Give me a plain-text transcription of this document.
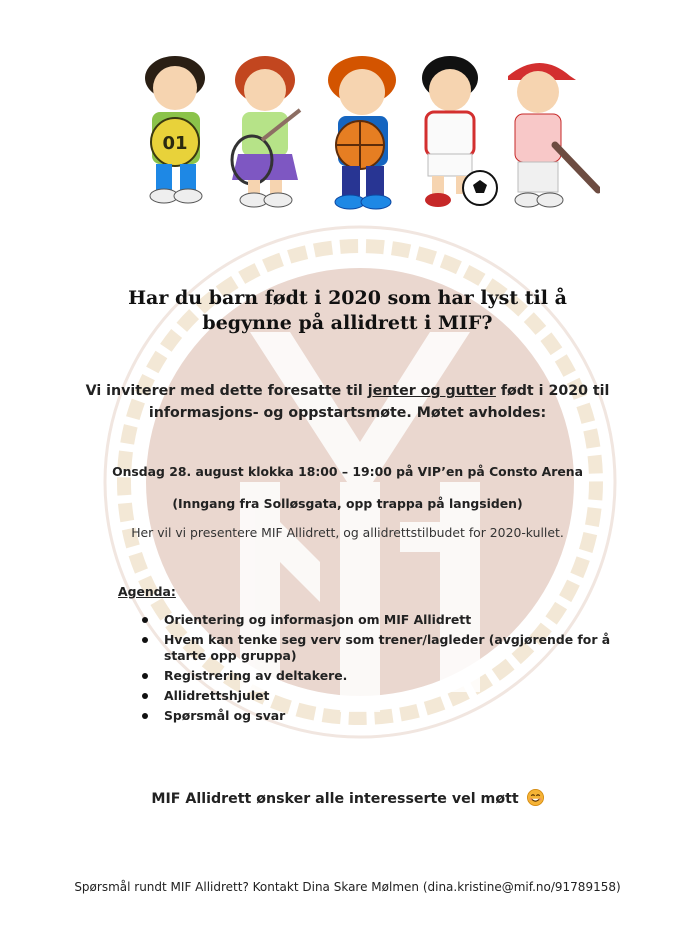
01
Har du barn født i 2020 som har lyst til å
begynne på allidrett i MIF?
Vi inviterer med dette foresatte til jenter og gutter født i 2020 til
informasjons- og oppstartsmøte. Møtet avholdes:
Onsdag 28. august klokka 18:00 – 19:00 på VIP’en på Consto Arena
(Inngang fra Solløsgata, opp trappa på langsiden)
Her vil vi presentere MIF Allidrett, og allidrettstilbudet for 2020-kullet.
Agenda:
Orientering og informasjon om MIF Allidrett
Hvem kan tenke seg verv som trener/lagleder (avgjørende for å starte opp gruppa)
Registrering av deltakere.
Allidrettshjulet
Spørsmål og svar
MIF Allidrett ønsker alle interesserte vel møtt
Spørsmål rundt MIF Allidrett? Kontakt Dina Skare Mølmen (dina.kristine@mif.no/91789158)
